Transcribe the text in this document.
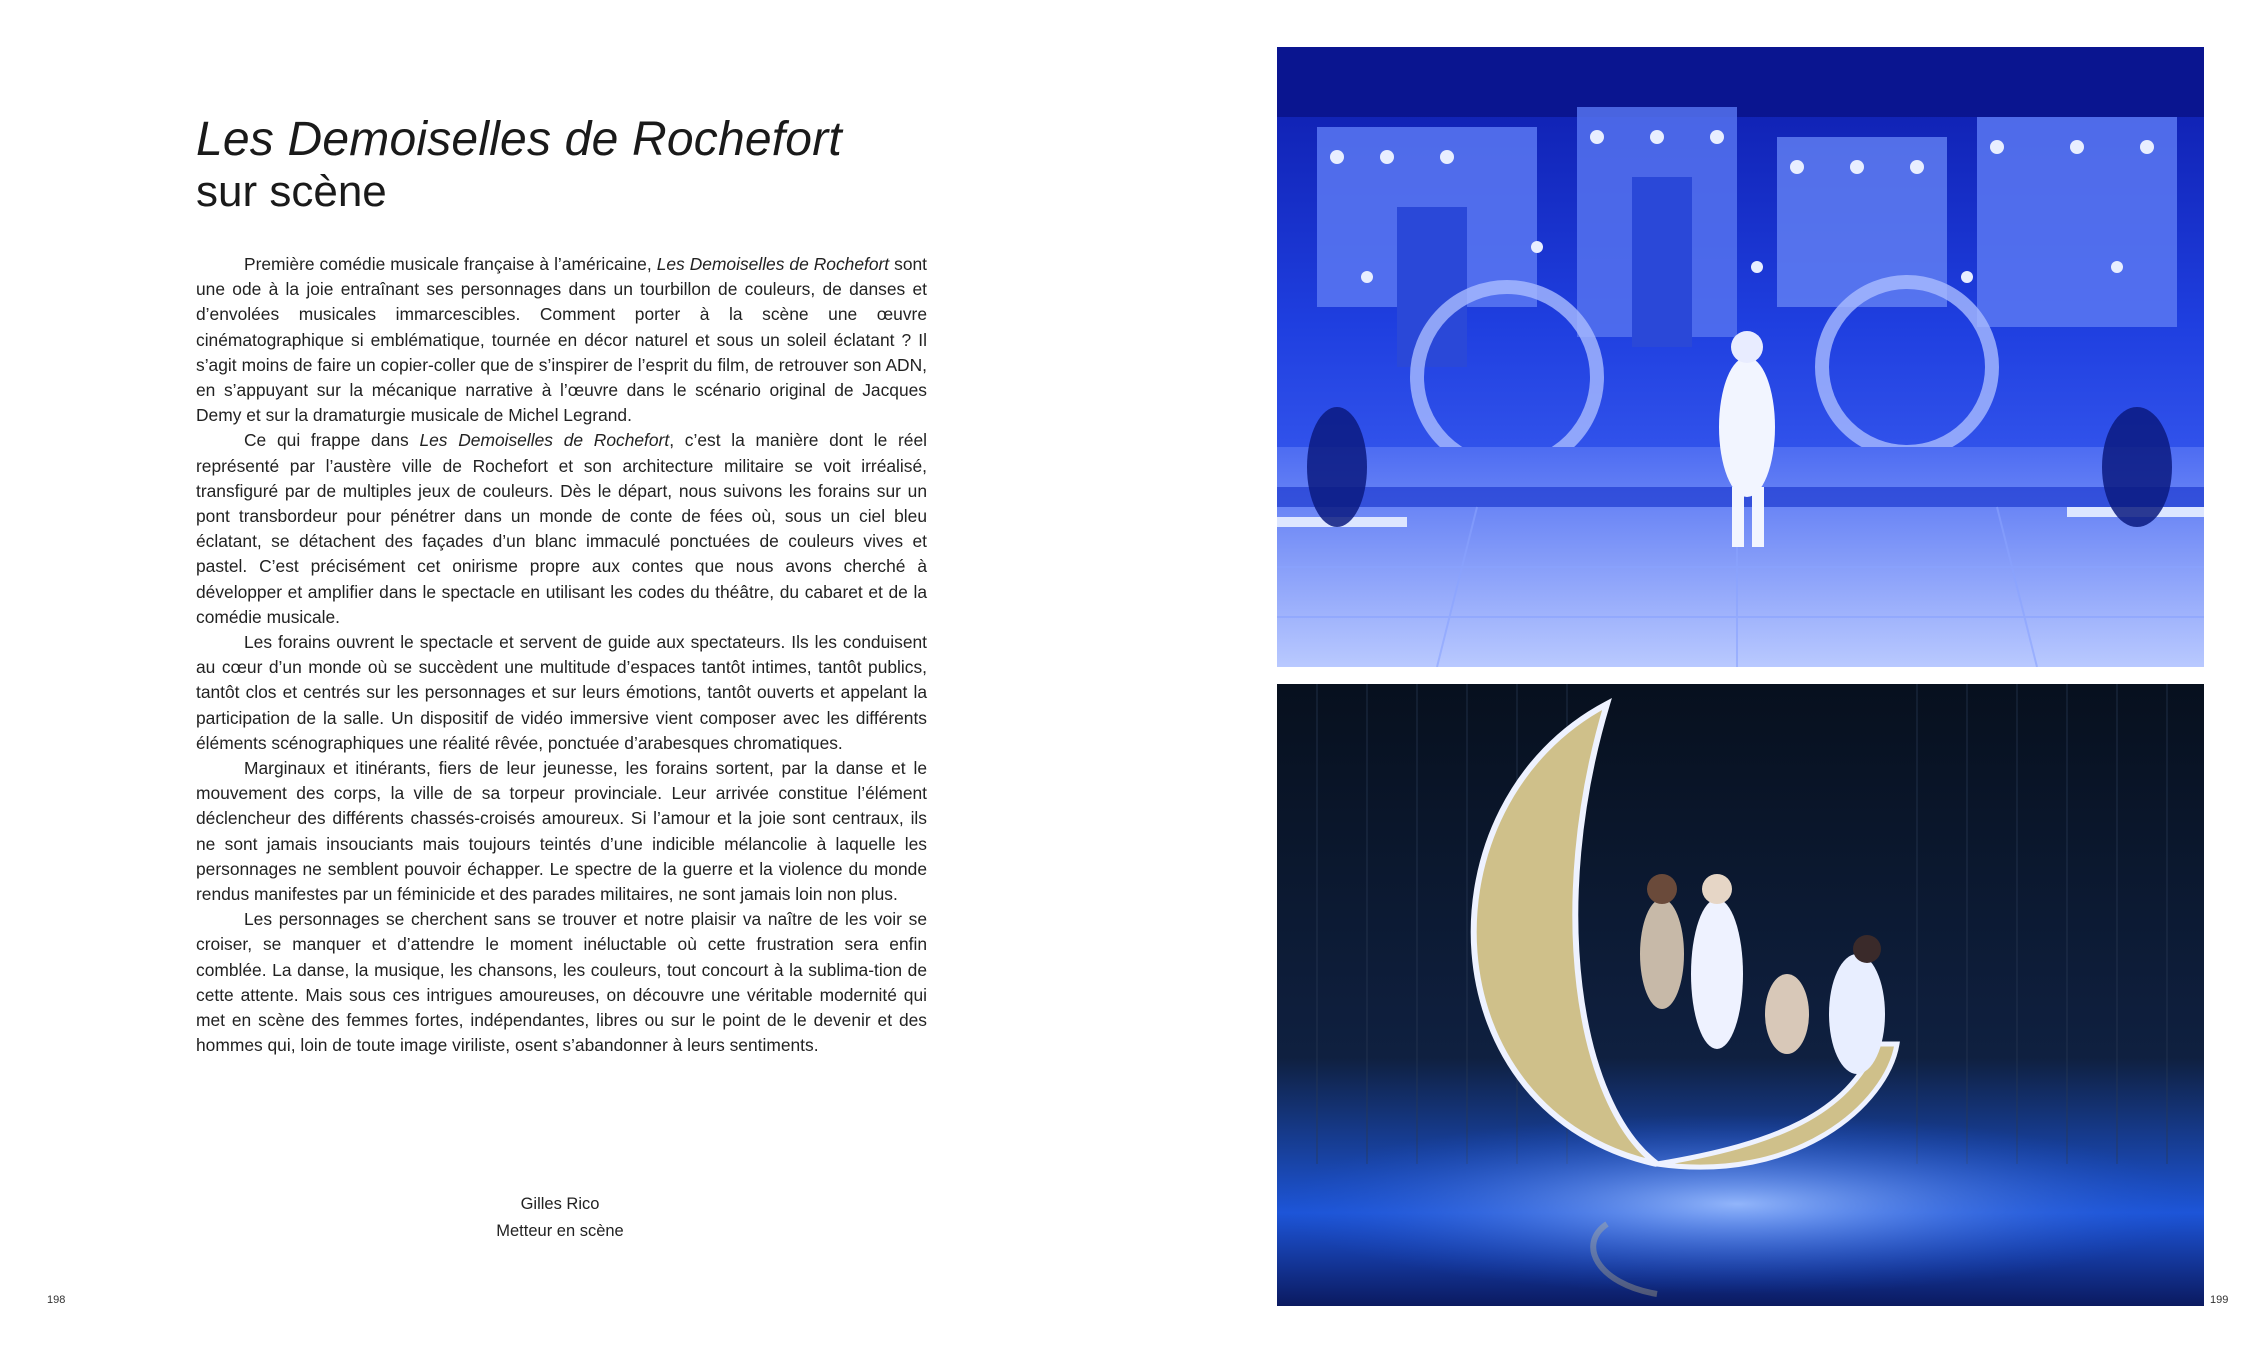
Les Demoiselles de Rochefort
sur scène

Première comédie musicale française à l’américaine, Les Demoiselles de Rochefort sont une ode à la joie entraînant ses personnages dans un tourbillon de couleurs, de danses et d’envolées musicales immarcescibles. Comment porter à la scène une œuvre cinématographique si emblématique, tournée en décor naturel et sous un soleil éclatant ? Il s’agit moins de faire un copier-coller que de s’inspirer de l’esprit du film, de retrouver son ADN, en s’appuyant sur la mécanique narrative à l’œuvre dans le scénario original de Jacques Demy et sur la dramaturgie musicale de Michel Legrand.

Ce qui frappe dans Les Demoiselles de Rochefort, c’est la manière dont le réel représenté par l’austère ville de Rochefort et son architecture militaire se voit irréalisé, transfiguré par de multiples jeux de couleurs. Dès le départ, nous suivons les forains sur un pont transbordeur pour pénétrer dans un monde de conte de fées où, sous un ciel bleu éclatant, se détachent des façades d’un blanc immaculé ponctuées de couleurs vives et pastel. C’est précisément cet onirisme propre aux contes que nous avons cherché à développer et amplifier dans le spectacle en utilisant les codes du théâtre, du cabaret et de la comédie musicale.

Les forains ouvrent le spectacle et servent de guide aux spectateurs. Ils les conduisent au cœur d’un monde où se succèdent une multitude d’espaces tantôt intimes, tantôt publics, tantôt clos et centrés sur les personnages et sur leurs émotions, tantôt ouverts et appelant la participation de la salle. Un dispositif de vidéo immersive vient composer avec les différents éléments scénographiques une réalité rêvée, ponctuée d’arabesques chromatiques.

Marginaux et itinérants, fiers de leur jeunesse, les forains sortent, par la danse et le mouvement des corps, la ville de sa torpeur provinciale. Leur arrivée constitue l’élément déclencheur des différents chassés-croisés amoureux. Si l’amour et la joie sont centraux, ils ne sont jamais insouciants mais toujours teintés d’une indicible mélancolie à laquelle les personnages ne semblent pouvoir échapper. Le spectre de la guerre et la violence du monde rendus manifestes par un féminicide et des parades militaires, ne sont jamais loin non plus.

Les personnages se cherchent sans se trouver et notre plaisir va naître de les voir se croiser, se manquer et d’attendre le moment inéluctable où cette frustration sera enfin comblée. La danse, la musique, les chansons, les couleurs, tout concourt à la sublima-tion de cette attente. Mais sous ces intrigues amoureuses, on découvre une véritable modernité qui met en scène des femmes fortes, indépendantes, libres ou sur le point de le devenir et des hommes qui, loin de toute image viriliste, osent s’abandonner à leurs sentiments.

Gilles Rico
Metteur en scène
198	199
